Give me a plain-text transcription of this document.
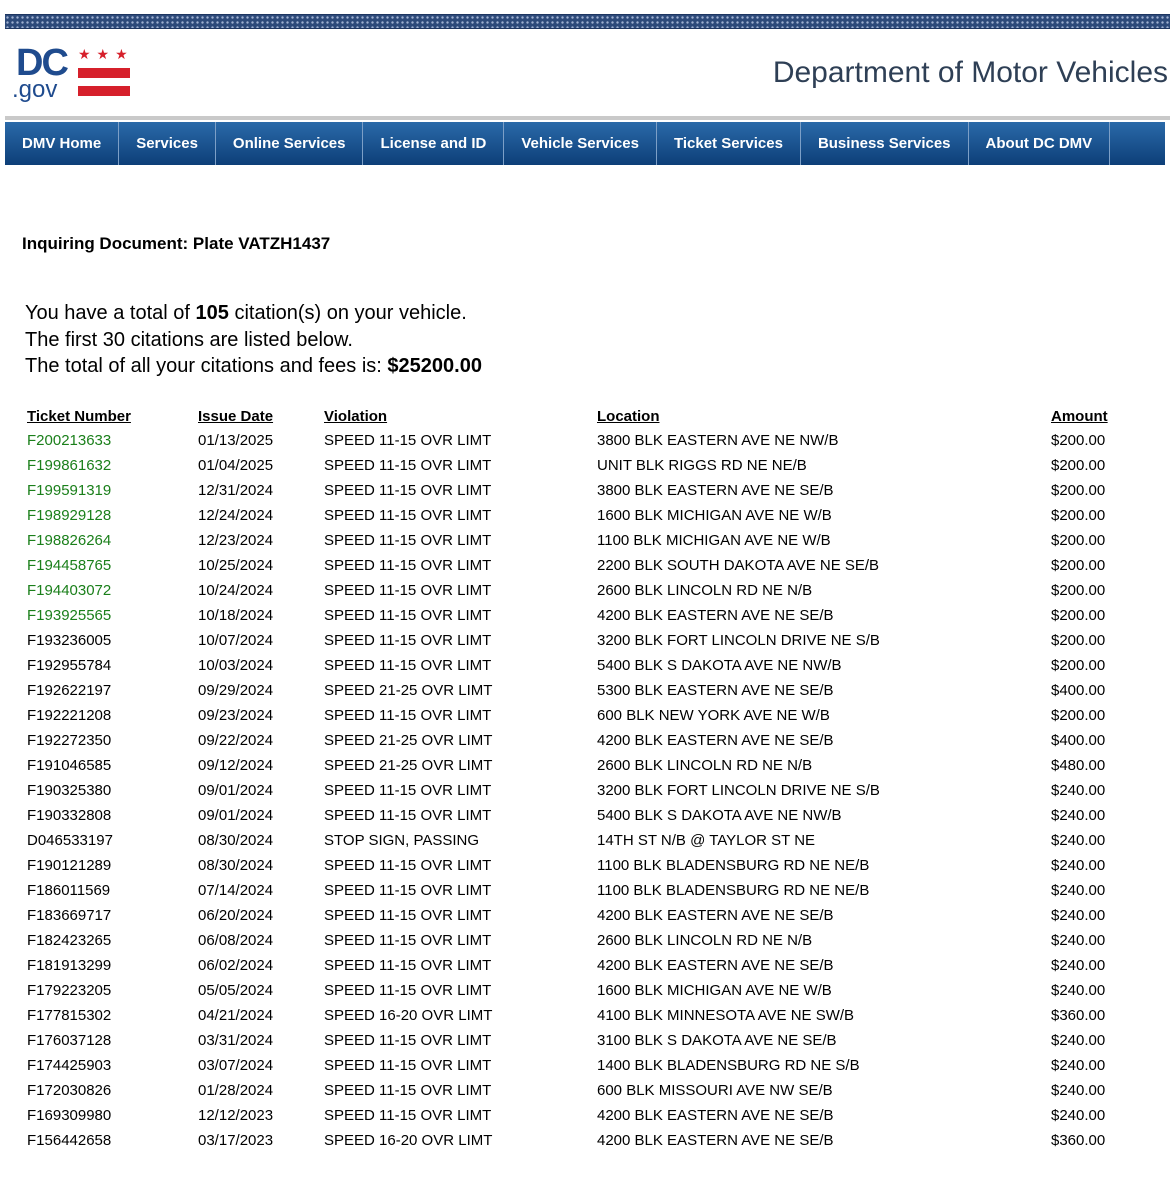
DC
.gov
★★★
Department of Motor Vehicles
DMV Home	Services	Online Services	License and ID	Vehicle Services	Ticket Services	Business Services	About DC DMV
Inquiring Document: Plate VATZH1437
You have a total of 105 citation(s) on your vehicle.
The first 30 citations are listed below.
The total of all your citations and fees is: $25200.00
Ticket Number	Issue Date	Violation	Location	Amount
F200213633	01/13/2025	SPEED 11-15 OVR LIMT	3800 BLK EASTERN AVE NE NW/B	$200.00
F199861632	01/04/2025	SPEED 11-15 OVR LIMT	UNIT BLK RIGGS RD NE NE/B	$200.00
F199591319	12/31/2024	SPEED 11-15 OVR LIMT	3800 BLK EASTERN AVE NE SE/B	$200.00
F198929128	12/24/2024	SPEED 11-15 OVR LIMT	1600 BLK MICHIGAN AVE NE W/B	$200.00
F198826264	12/23/2024	SPEED 11-15 OVR LIMT	1100 BLK MICHIGAN AVE NE W/B	$200.00
F194458765	10/25/2024	SPEED 11-15 OVR LIMT	2200 BLK SOUTH DAKOTA AVE NE SE/B	$200.00
F194403072	10/24/2024	SPEED 11-15 OVR LIMT	2600 BLK LINCOLN RD NE N/B	$200.00
F193925565	10/18/2024	SPEED 11-15 OVR LIMT	4200 BLK EASTERN AVE NE SE/B	$200.00
F193236005	10/07/2024	SPEED 11-15 OVR LIMT	3200 BLK FORT LINCOLN DRIVE NE S/B	$200.00
F192955784	10/03/2024	SPEED 11-15 OVR LIMT	5400 BLK S DAKOTA AVE NE NW/B	$200.00
F192622197	09/29/2024	SPEED 21-25 OVR LIMT	5300 BLK EASTERN AVE NE SE/B	$400.00
F192221208	09/23/2024	SPEED 11-15 OVR LIMT	600 BLK NEW YORK AVE NE W/B	$200.00
F192272350	09/22/2024	SPEED 21-25 OVR LIMT	4200 BLK EASTERN AVE NE SE/B	$400.00
F191046585	09/12/2024	SPEED 21-25 OVR LIMT	2600 BLK LINCOLN RD NE N/B	$480.00
F190325380	09/01/2024	SPEED 11-15 OVR LIMT	3200 BLK FORT LINCOLN DRIVE NE S/B	$240.00
F190332808	09/01/2024	SPEED 11-15 OVR LIMT	5400 BLK S DAKOTA AVE NE NW/B	$240.00
D046533197	08/30/2024	STOP SIGN, PASSING	14TH ST N/B @ TAYLOR ST NE	$240.00
F190121289	08/30/2024	SPEED 11-15 OVR LIMT	1100 BLK BLADENSBURG RD NE NE/B	$240.00
F186011569	07/14/2024	SPEED 11-15 OVR LIMT	1100 BLK BLADENSBURG RD NE NE/B	$240.00
F183669717	06/20/2024	SPEED 11-15 OVR LIMT	4200 BLK EASTERN AVE NE SE/B	$240.00
F182423265	06/08/2024	SPEED 11-15 OVR LIMT	2600 BLK LINCOLN RD NE N/B	$240.00
F181913299	06/02/2024	SPEED 11-15 OVR LIMT	4200 BLK EASTERN AVE NE SE/B	$240.00
F179223205	05/05/2024	SPEED 11-15 OVR LIMT	1600 BLK MICHIGAN AVE NE W/B	$240.00
F177815302	04/21/2024	SPEED 16-20 OVR LIMT	4100 BLK MINNESOTA AVE NE SW/B	$360.00
F176037128	03/31/2024	SPEED 11-15 OVR LIMT	3100 BLK S DAKOTA AVE NE SE/B	$240.00
F174425903	03/07/2024	SPEED 11-15 OVR LIMT	1400 BLK BLADENSBURG RD NE S/B	$240.00
F172030826	01/28/2024	SPEED 11-15 OVR LIMT	600 BLK MISSOURI AVE NW SE/B	$240.00
F169309980	12/12/2023	SPEED 11-15 OVR LIMT	4200 BLK EASTERN AVE NE SE/B	$240.00
F156442658	03/17/2023	SPEED 16-20 OVR LIMT	4200 BLK EASTERN AVE NE SE/B	$360.00
